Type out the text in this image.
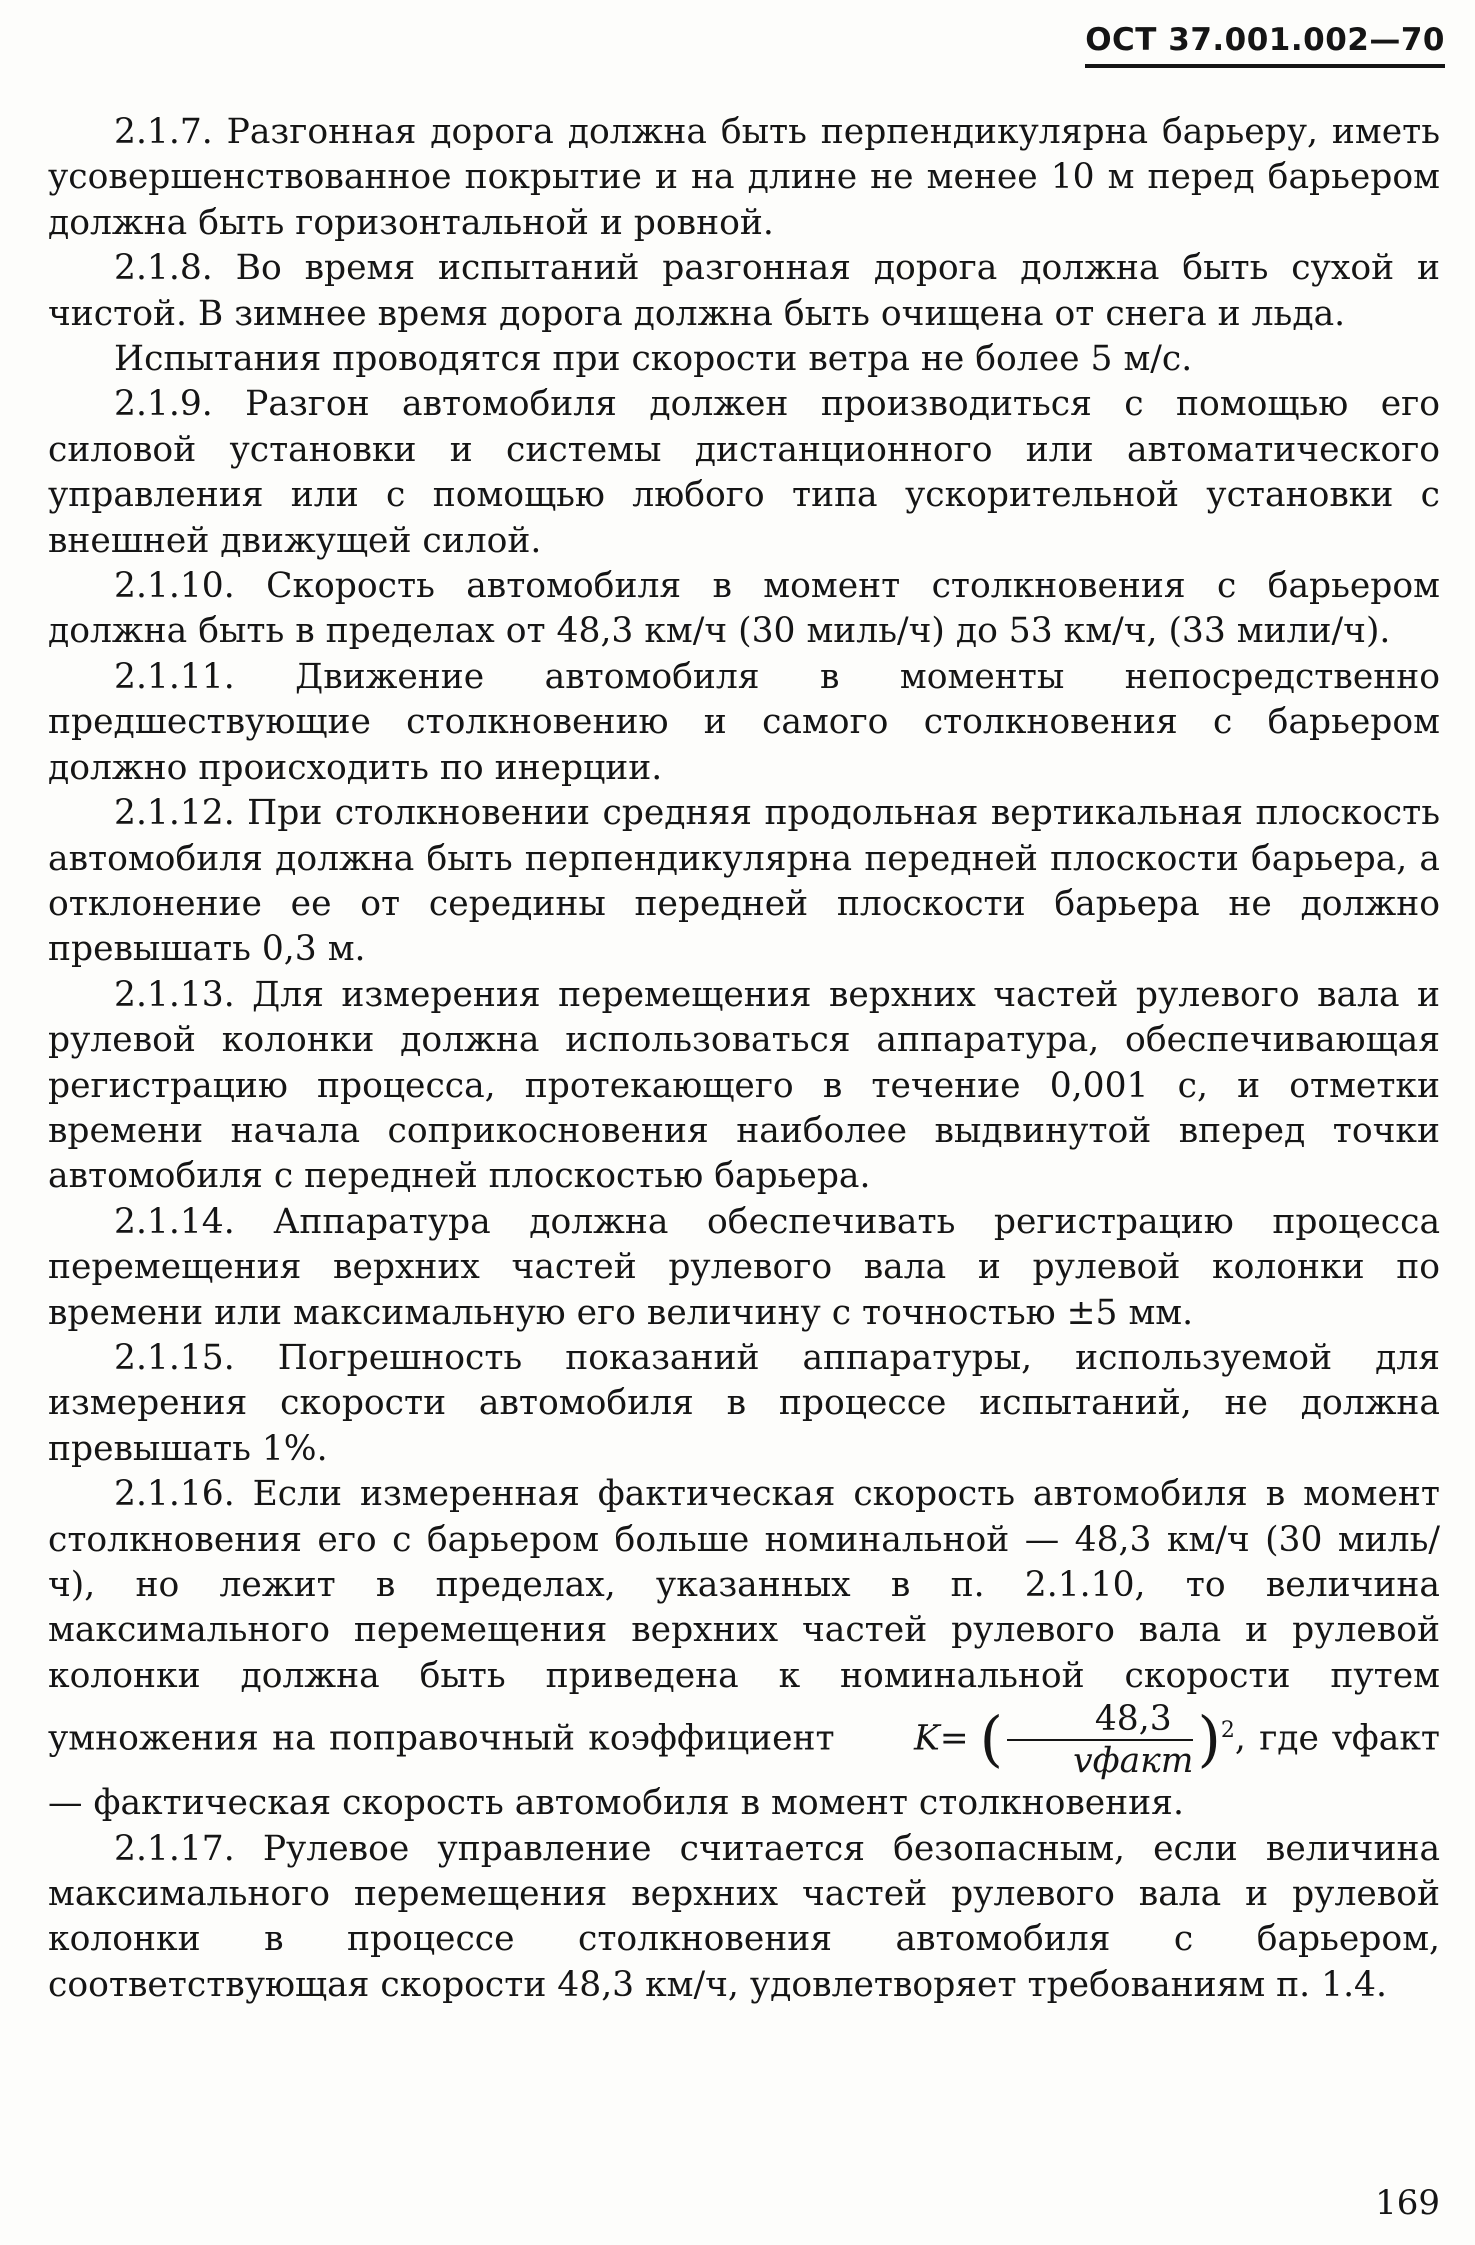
ОСТ 37.001.002—70

2.1.7. Разгонная дорога должна быть перпендикулярна барьеру, иметь усовершенствованное покрытие и на длине не менее 10 м перед барьером должна быть горизонтальной и ровной.

2.1.8. Во время испытаний разгонная дорога должна быть сухой и чистой. В зимнее время дорога должна быть очищена от снега и льда.

Испытания проводятся при скорости ветра не более 5 м/с.

2.1.9. Разгон автомобиля должен производиться с помощью его силовой установки и системы дистанционного или автоматического управления или с помощью любого типа ускорительной установки с внешней движущей силой.

2.1.10. Скорость автомобиля в момент столкновения с барьером должна быть в пределах от 48,3 км/ч (30 миль/ч) до 53 км/ч, (33 мили/ч).

2.1.11. Движение автомобиля в моменты непосредственно предшествующие столкновению и самого столкновения с барьером должно происходить по инерции.

2.1.12. При столкновении средняя продольная вертикальная плоскость автомобиля должна быть перпендикулярна передней плоскости барьера, а отклонение ее от середины передней плоскости барьера не должно превышать 0,3 м.

2.1.13. Для измерения перемещения верхних частей рулевого вала и рулевой колонки должна использоваться аппаратура, обеспечивающая регистрацию процесса, протекающего в течение 0,001 с, и отметки времени начала соприкосновения наиболее выдвинутой вперед точки автомобиля с передней плоскостью барьера.

2.1.14. Аппаратура должна обеспечивать регистрацию процесса перемещения верхних частей рулевого вала и рулевой колонки по времени или максимальную его величину с точностью ±5 мм.

2.1.15. Погрешность показаний аппаратуры, используемой для измерения скорости автомобиля в процессе испытаний, не должна превышать 1%.

2.1.16. Если измеренная фактическая скорость автомобиля в момент столкновения его с барьером больше номинальной — 48,3 км/ч (30 миль/ч), но лежит в пределах, указанных в п. 2.1.10, то величина максимального перемещения верхних частей рулевого вала и рулевой колонки должна быть приведена к номинальной скорости путем умножения на поправочный коэффициент K= ( $\frac{48,3}{\text{vфакт}} )^2$, где vфакт— фактическая скорость автомобиля в момент столкновения.

2.1.17. Рулевое управление считается безопасным, если величина максимального перемещения верхних частей рулевого вала и рулевой колонки в процессе столкновения автомобиля с барьером, соответствующая скорости 48,3 км/ч, удовлетворяет требованиям п. 1.4.

169
